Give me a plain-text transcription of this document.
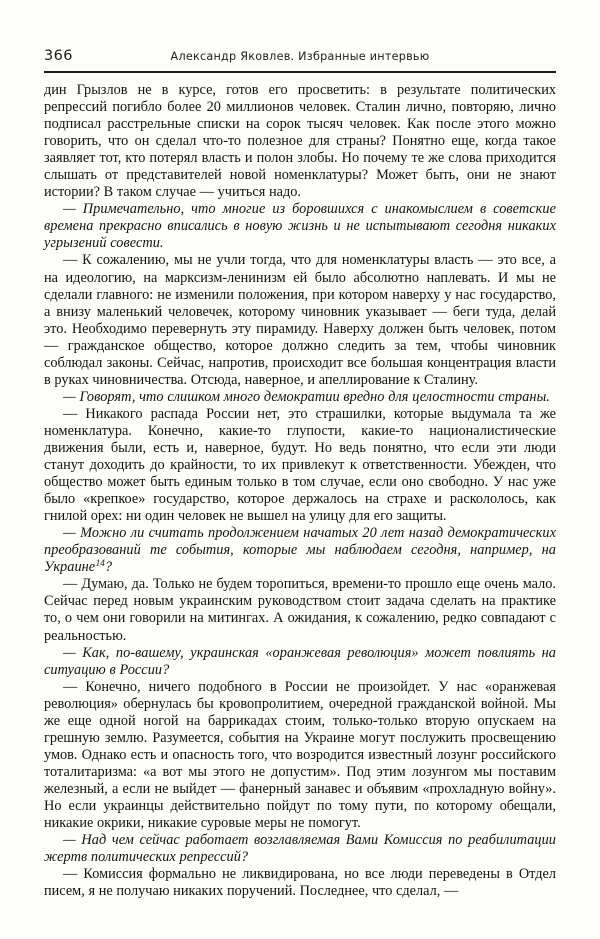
366	Александр Яковлев. Избранные интервью

дин Грызлов не в курсе, готов его просветить: в результате политических репрессий погибло более 20 миллионов человек. Сталин лично, повторяю, лично подписал расстрельные списки на сорок тысяч человек. Как после этого можно говорить, что он сделал что-то полезное для страны? Понятно еще, когда такое заявляет тот, кто потерял власть и полон злобы. Но почему те же слова приходится слышать от представителей новой номенклатуры? Может быть, они не знают истории? В таком случае — учиться надо.

— Примечательно, что многие из боровшихся с инакомыслием в советские времена прекрасно вписались в новую жизнь и не испытывают сегодня никаких угрызений совести.

— К сожалению, мы не учли тогда, что для номенклатуры власть — это все, а на идеологию, на марксизм-ленинизм ей было абсолютно наплевать. И мы не сделали главного: не изменили положения, при котором наверху у нас государство, а внизу маленький человечек, которому чиновник указывает — беги туда, делай это. Необходимо перевернуть эту пирамиду. Наверху должен быть человек, потом — гражданское общество, которое должно следить за тем, чтобы чиновник соблюдал законы. Сейчас, напротив, происходит все большая концентрация власти в руках чиновничества. Отсюда, наверное, и апеллирование к Сталину.

— Говорят, что слишком много демократии вредно для целостности страны.

— Никакого распада России нет, это страшилки, которые выдумала та же номенклатура. Конечно, какие-то глупости, какие-то националистические движения были, есть и, наверное, будут. Но ведь понятно, что если эти люди станут доходить до крайности, то их привлекут к ответственности. Убежден, что общество может быть единым только в том случае, если оно свободно. У нас уже было «крепкое» государство, которое держалось на страхе и раскололось, как гнилой орех: ни один человек не вышел на улицу для его защиты.

— Можно ли считать продолжением начатых 20 лет назад демократических преобразований те события, которые мы наблюдаем сегодня, например, на Украине$^{14}$?

— Думаю, да. Только не будем торопиться, времени-то прошло еще очень мало. Сейчас перед новым украинским руководством стоит задача сделать на практике то, о чем они говорили на митингах. А ожидания, к сожалению, редко совпадают с реальностью.

— Как, по-вашему, украинская «оранжевая революция» может повлиять на ситуацию в России?

— Конечно, ничего подобного в России не произойдет. У нас «оранжевая революция» обернулась бы кровопролитием, очередной гражданской войной. Мы же еще одной ногой на баррикадах стоим, только-только вторую опускаем на грешную землю. Разумеется, события на Украине могут послужить просвещению умов. Однако есть и опасность того, что возродится известный лозунг российского тоталитаризма: «а вот мы этого не допустим». Под этим лозунгом мы поставим железный, а если не выйдет — фанерный занавес и объявим «прохладную войну». Но если украинцы действительно пойдут по тому пути, по которому обещали, никакие окрики, никакие суровые меры не помогут.

— Над чем сейчас работает возглавляемая Вами Комиссия по реабилитации жертв политических репрессий?

— Комиссия формально не ликвидирована, но все люди переведены в Отдел писем, я не получаю никаких поручений. Последнее, что сделал, —
